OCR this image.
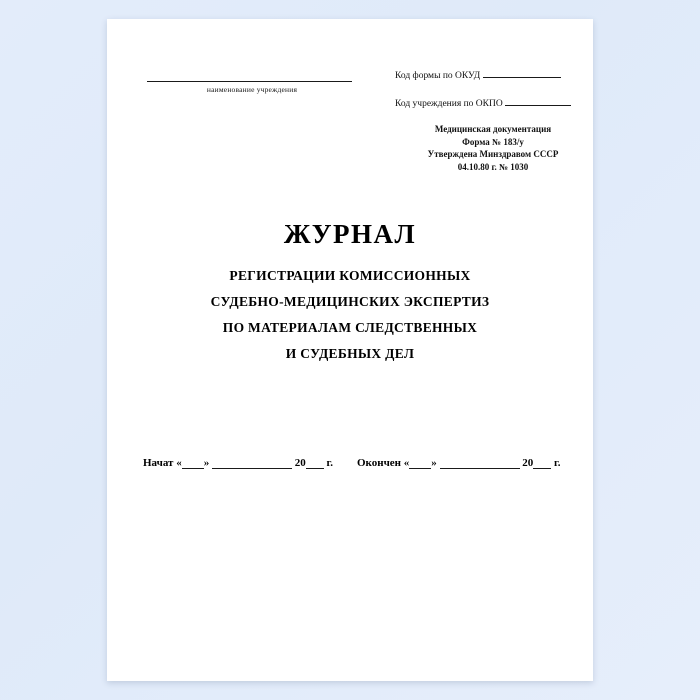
наименование учреждения
Код формы по ОКУД
Код учреждения по ОКПО
Медицинская документация
Форма № 183/у
Утверждена Минздравом СССР
04.10.80 г. № 1030
ЖУРНАЛ
РЕГИСТРАЦИИ КОМИССИОННЫХ
СУДЕБНО-МЕДИЦИНСКИХ ЭКСПЕРТИЗ
ПО МАТЕРИАЛАМ СЛЕДСТВЕННЫХ
И СУДЕБНЫХ ДЕЛ
Начат « »	20 г. Окончен « »	20 г.
